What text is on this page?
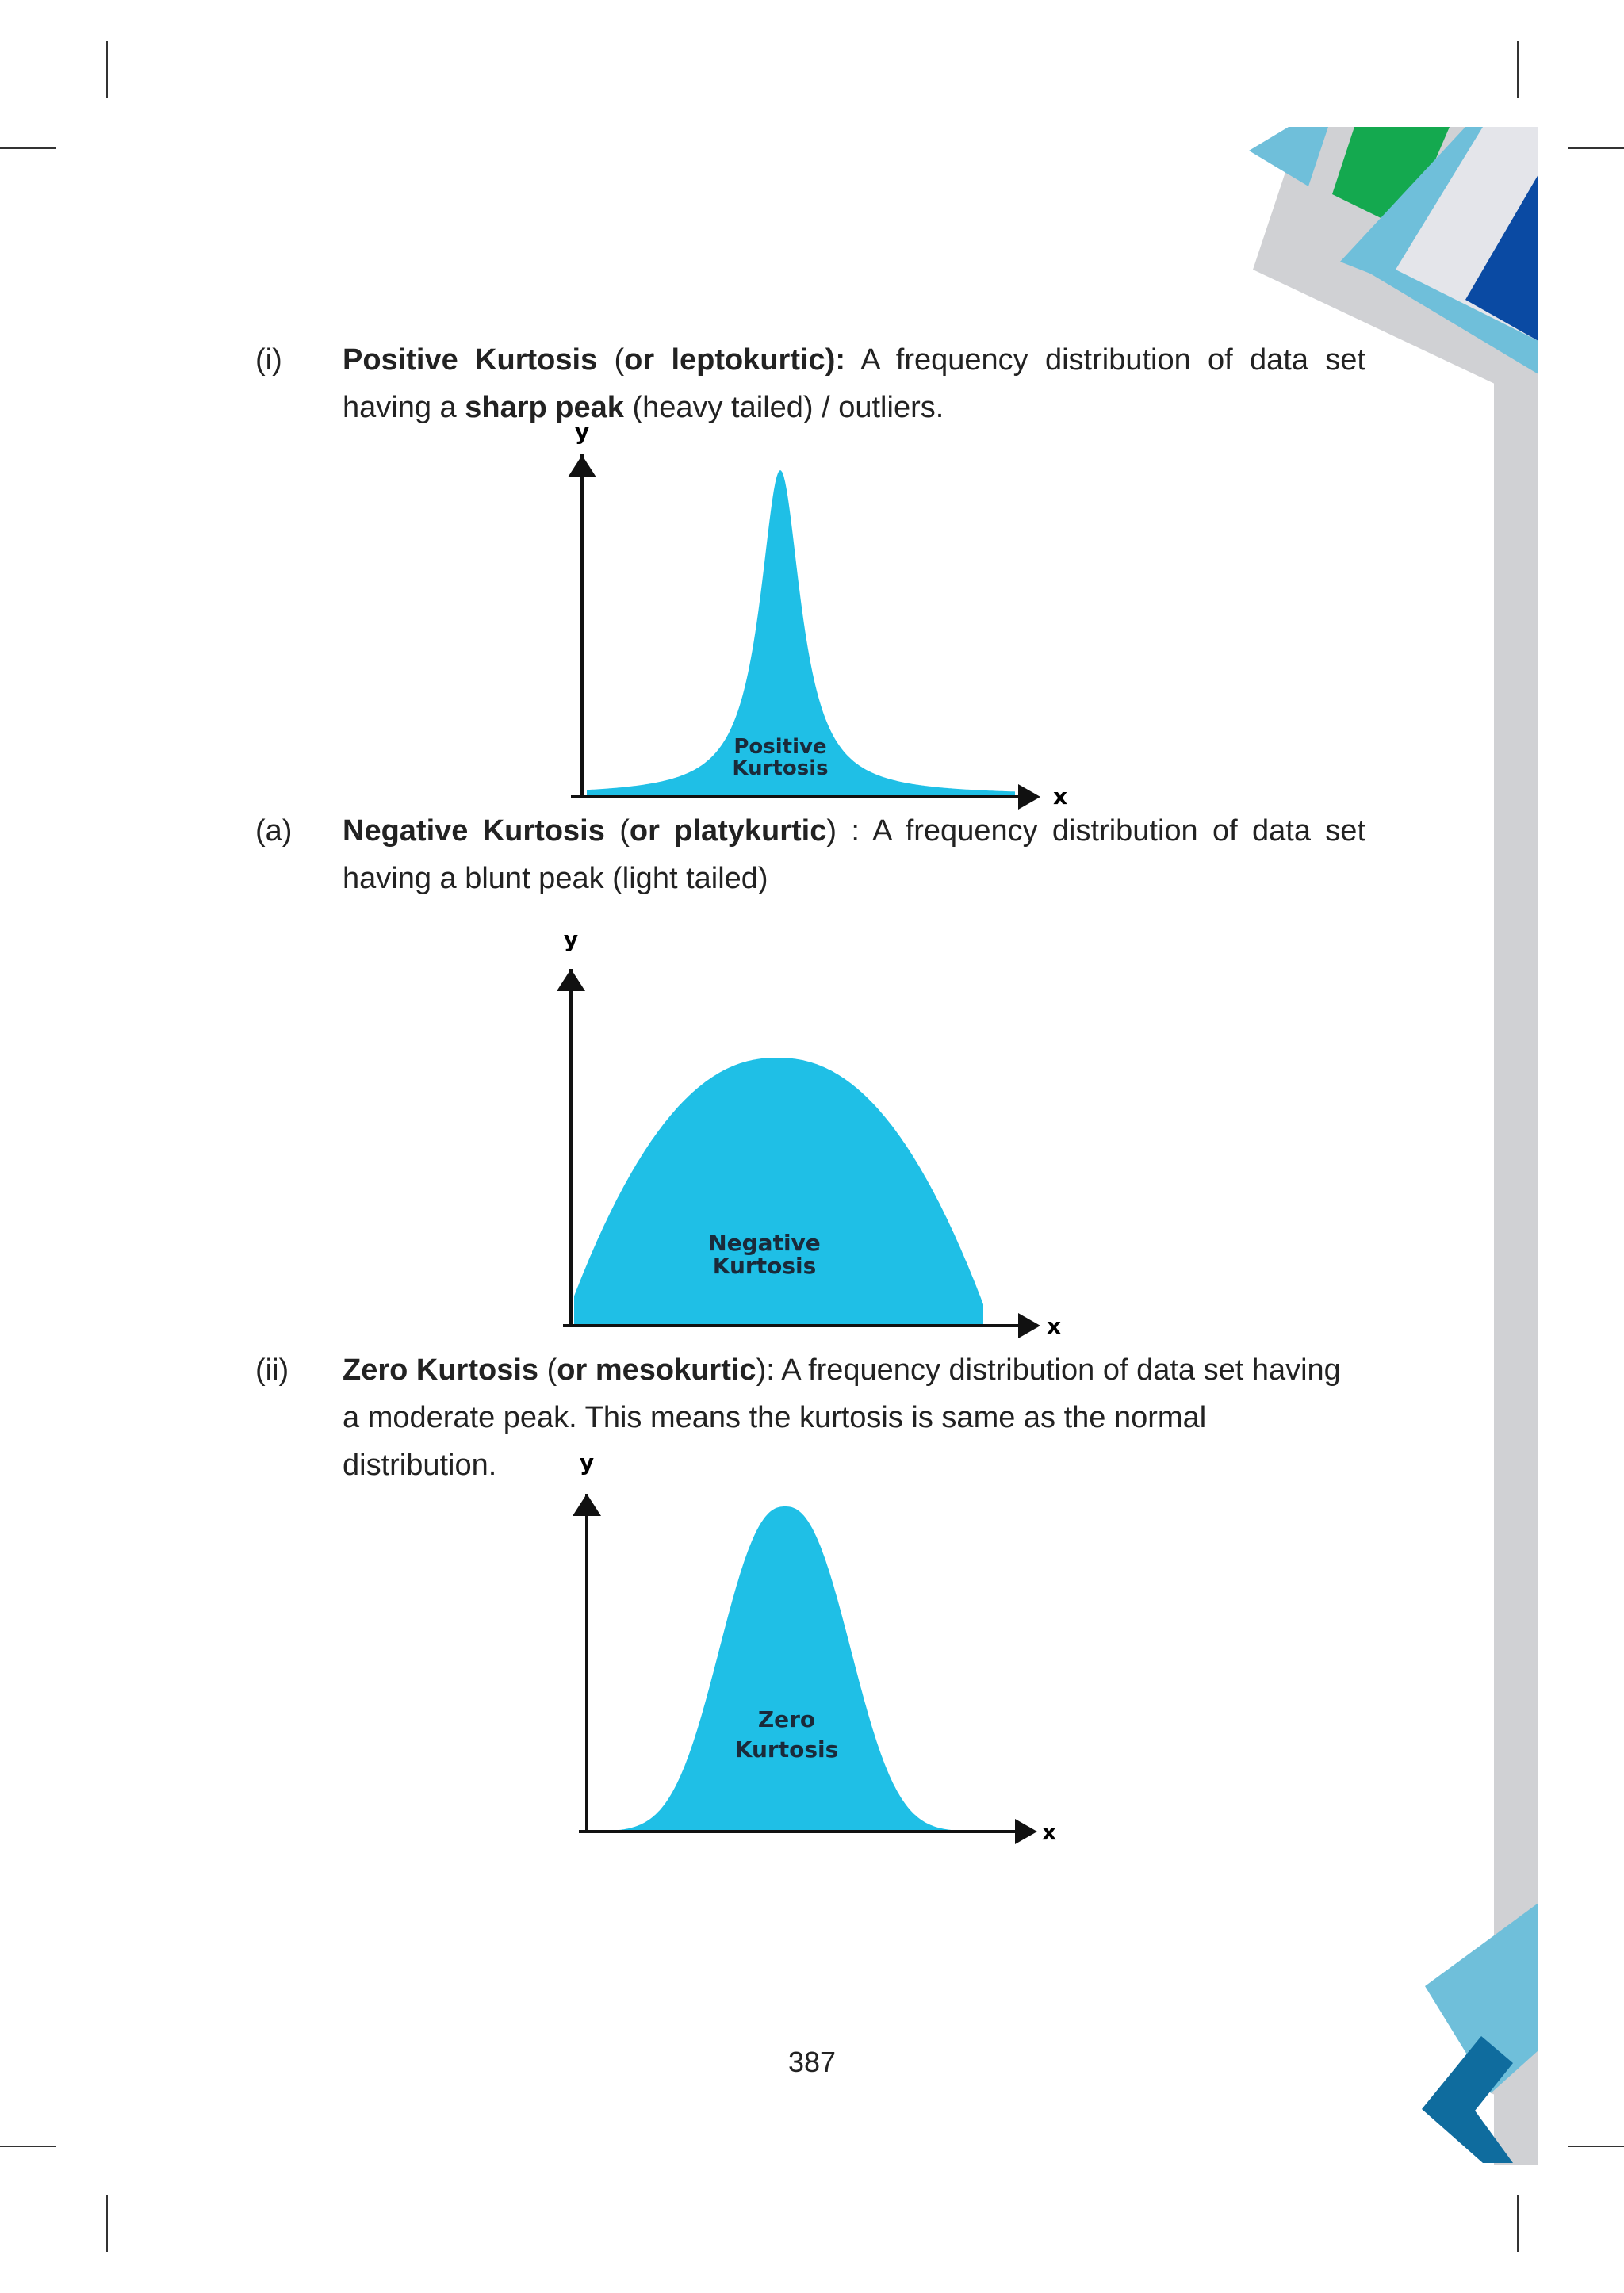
(i) Positive Kurtosis (or leptokurtic): A frequency distribution of data set having a sharp peak (heavy tailed) / outliers.
y
x
Positive
Kurtosis
(a) Negative Kurtosis (or platykurtic) : A frequency distribution of data set having a blunt peak (light tailed)
y
x
Negative
Kurtosis
(ii) Zero Kurtosis (or mesokurtic): A frequency distribution of data set having a moderate peak. This means the kurtosis is same as the normal distribution.	y
x
Zero
Kurtosis
387
